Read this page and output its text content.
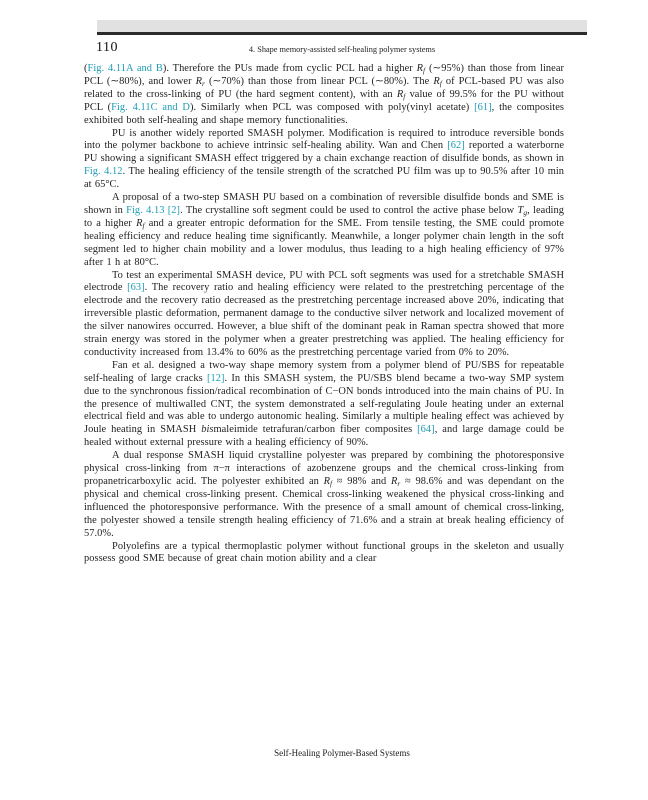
110	4. Shape memory-assisted self-healing polymer systems

(Fig. 4.11A and B). Therefore the PUs made from cyclic PCL had a higher Rf (∼95%) than those from linear PCL (∼80%), and lower Rr (∼70%) than those from linear PCL (∼80%). The Rf of PCL-based PU was also related to the cross-linking of PU (the hard segment content), with an Rf value of 99.5% for the PU without PCL (Fig. 4.11C and D). Similarly when PCL was composed with poly(vinyl acetate) [61], the composites exhibited both self-healing and shape memory functionalities.

PU is another widely reported SMASH polymer. Modification is required to introduce reversible bonds into the polymer backbone to achieve intrinsic self-healing ability. Wan and Chen [62] reported a waterborne PU showing a significant SMASH effect triggered by a chain exchange reaction of disulfide bonds, as shown in Fig. 4.12. The healing efficiency of the tensile strength of the scratched PU film was up to 90.5% after 10 min at 65°C.

A proposal of a two-step SMASH PU based on a combination of reversible disulfide bonds and SME is shown in Fig. 4.13 [2]. The crystalline soft segment could be used to control the active phase below Tg, leading to a higher Rf and a greater entropic deformation for the SME. From tensile testing, the SME could promote healing efficiency and reduce healing time significantly. Meanwhile, a longer polymer chain length in the soft segment led to higher chain mobility and a lower modulus, thus leading to a high healing efficiency of 97% after 1 h at 80°C.

To test an experimental SMASH device, PU with PCL soft segments was used for a stretchable SMASH electrode [63]. The recovery ratio and healing efficiency were related to the prestretching percentage of the electrode and the recovery ratio decreased as the prestretching percentage increased above 20%, indicating that irreversible plastic deformation, permanent damage to the conductive silver network and localized movement of the silver nanowires occurred. However, a blue shift of the dominant peak in Raman spectra showed that more strain energy was stored in the polymer when a greater prestretching was applied. The healing efficiency for conductivity increased from 13.4% to 60% as the prestretching percentage varied from 0% to 20%.

Fan et al. designed a two-way shape memory system from a polymer blend of PU/SBS for repeatable self-healing of large cracks [12]. In this SMASH system, the PU/SBS blend became a two-way SMP system due to the synchronous fission/radical recombination of C−ON bonds introduced into the main chains of PU. In the presence of multiwalled CNT, the system demonstrated a self-regulating Joule heating under an external electrical field and was able to undergo autonomic healing. Similarly a multiple healing effect was achieved by Joule heating in SMASH bismaleimide tetrafuran/carbon fiber composites [64], and large damage could be healed without external pressure with a healing efficiency of 90%.

A dual response SMASH liquid crystalline polyester was prepared by combining the photoresponsive physical cross-linking from π−π interactions of azobenzene groups and the chemical cross-linking from propanetricarboxylic acid. The polyester exhibited an Rf ≈ 98% and Rr ≈ 98.6% and was dependant on the physical and chemical cross-linking present. Chemical cross-linking weakened the physical cross-linking and influenced the photoresponsive performance. With the presence of a small amount of chemical cross-linking, the polyester showed a tensile strength healing efficiency of 71.6% and a strain at break healing efficiency of 57.0%.

Polyolefins are a typical thermoplastic polymer without functional groups in the skeleton and usually possess good SME because of great chain motion ability and a clear

Self-Healing Polymer-Based Systems
